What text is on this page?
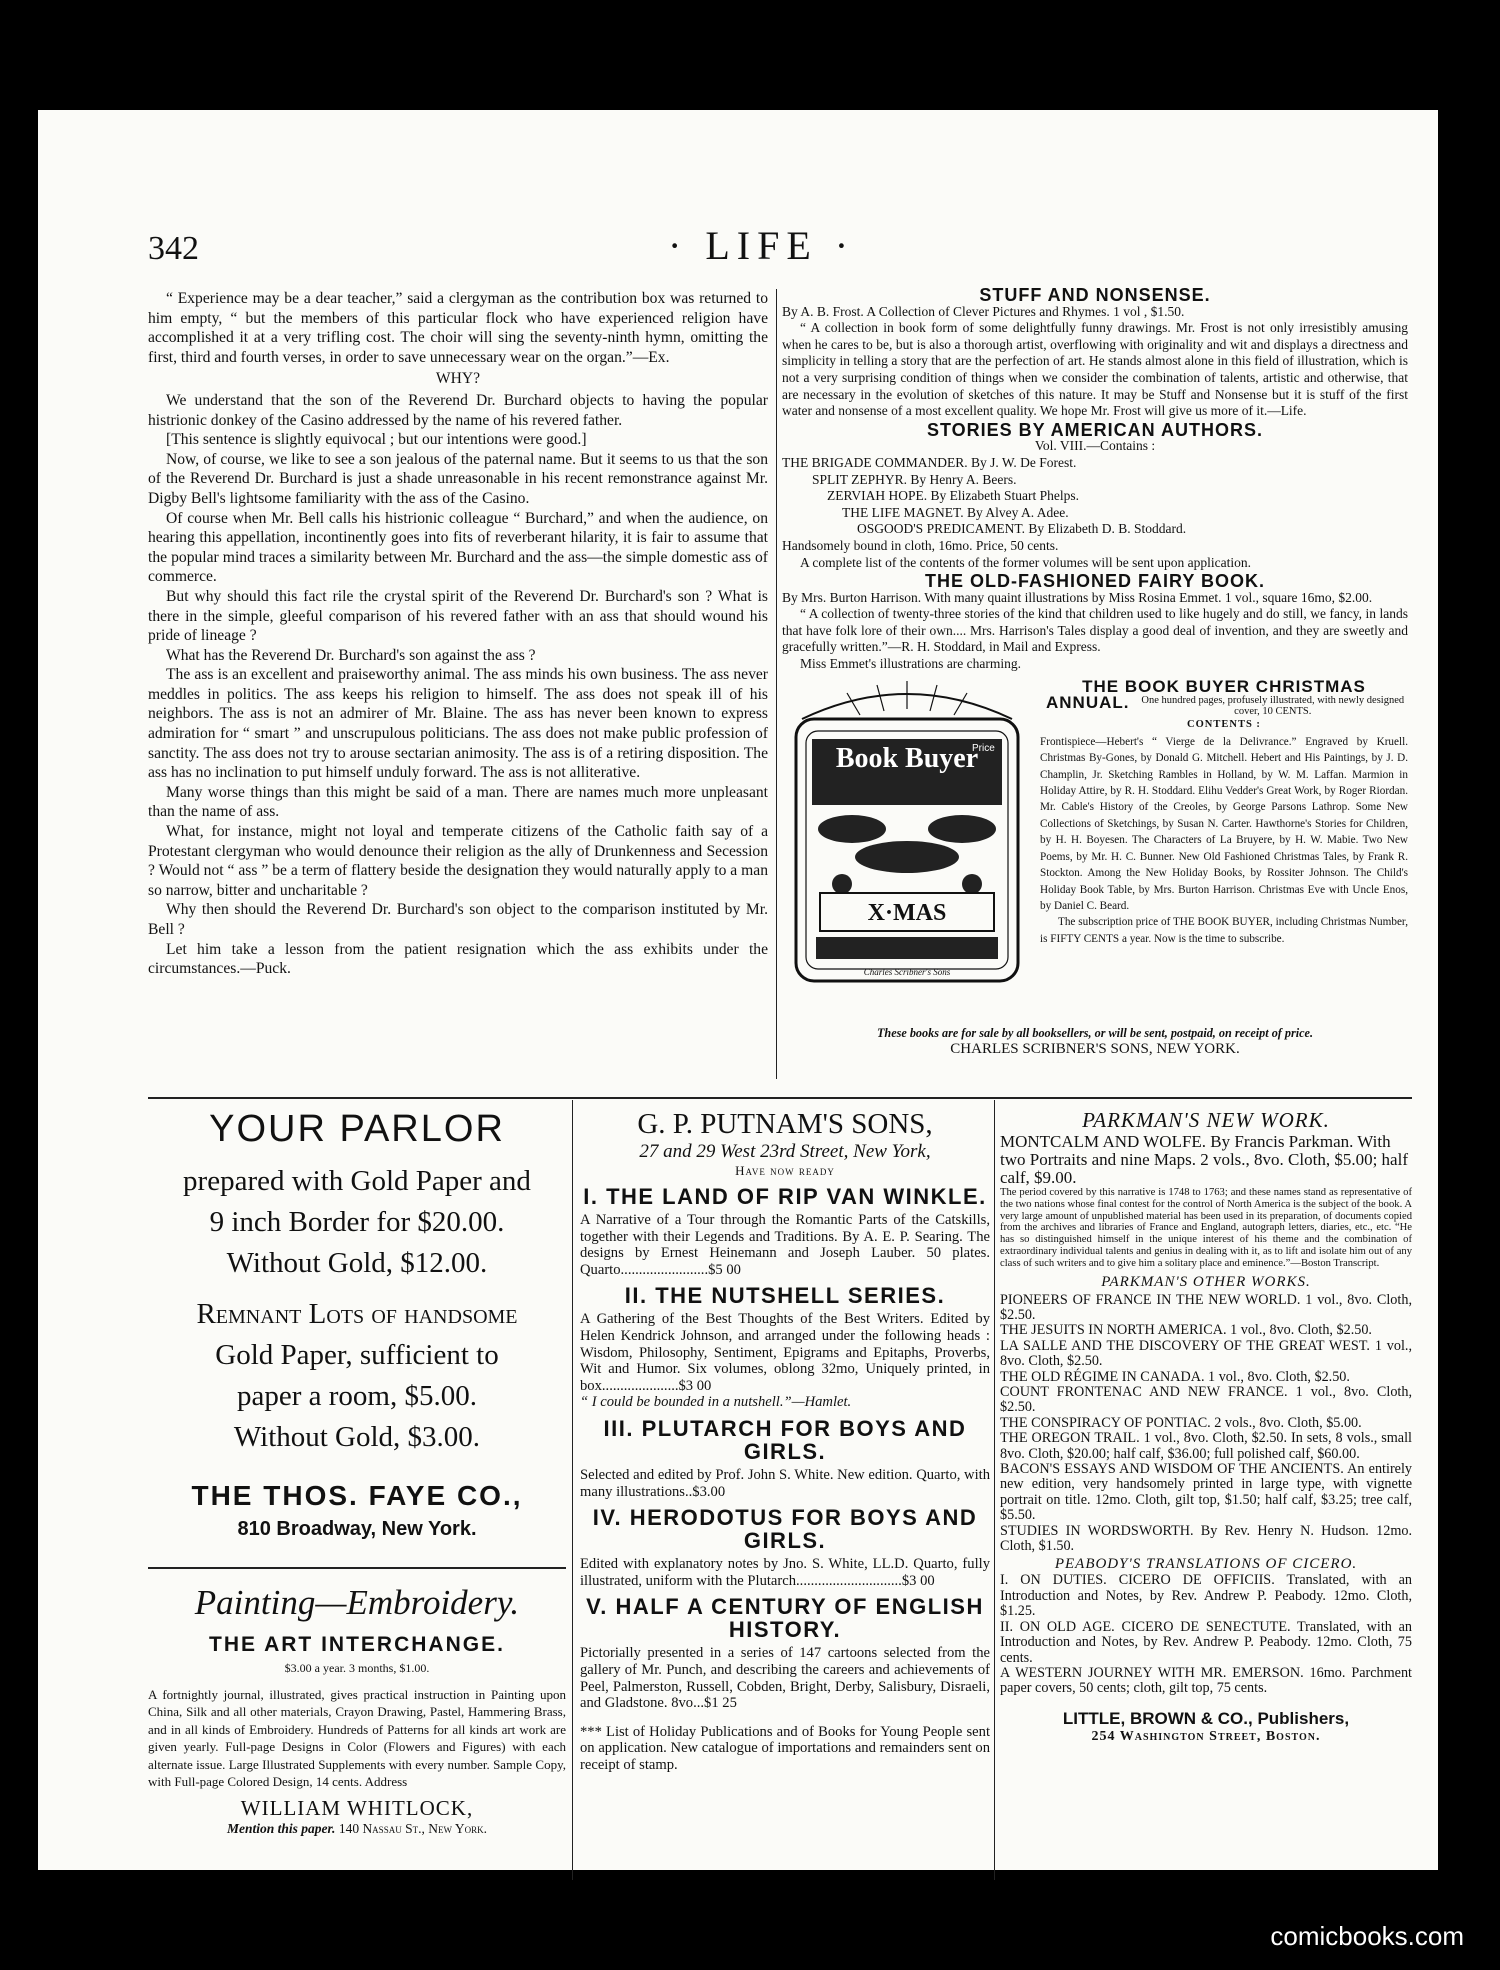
342	· LIFE ·

“ Experience may be a dear teacher,” said a clergyman as the contribution box was returned to him empty, “ but the members of this particular flock who have experienced religion have accomplished it at a very trifling cost. The choir will sing the seventy-ninth hymn, omitting the first, third and fourth verses, in order to save unnecessary wear on the organ.”—Ex.

WHY?

We understand that the son of the Reverend Dr. Burchard objects to having the popular histrionic donkey of the Casino addressed by the name of his revered father.

[This sentence is slightly equivocal ; but our intentions were good.]

Now, of course, we like to see a son jealous of the paternal name. But it seems to us that the son of the Reverend Dr. Burchard is just a shade unreasonable in his recent remonstrance against Mr. Digby Bell's lightsome familiarity with the ass of the Casino.

Of course when Mr. Bell calls his histrionic colleague “ Burchard,” and when the audience, on hearing this appellation, incontinently goes into fits of reverberant hilarity, it is fair to assume that the popular mind traces a similarity between Mr. Burchard and the ass—the simple domestic ass of commerce.

But why should this fact rile the crystal spirit of the Reverend Dr. Burchard's son ? What is there in the simple, gleeful comparison of his revered father with an ass that should wound his pride of lineage ?

What has the Reverend Dr. Burchard's son against the ass ?

The ass is an excellent and praiseworthy animal. The ass minds his own business. The ass never meddles in politics. The ass keeps his religion to himself. The ass does not speak ill of his neighbors. The ass is not an admirer of Mr. Blaine. The ass has never been known to express admiration for “ smart ” and unscrupulous politicians. The ass does not make public profession of sanctity. The ass does not try to arouse sectarian animosity. The ass is of a retiring disposition. The ass has no inclination to put himself unduly forward. The ass is not alliterative.

Many worse things than this might be said of a man. There are names much more unpleasant than the name of ass.

What, for instance, might not loyal and temperate citizens of the Catholic faith say of a Protestant clergyman who would denounce their religion as the ally of Drunkenness and Secession ? Would not “ ass ” be a term of flattery beside the designation they would naturally apply to a man so narrow, bitter and uncharitable ?

Why then should the Reverend Dr. Burchard's son object to the comparison instituted by Mr. Bell ?

Let him take a lesson from the patient resignation which the ass exhibits under the circumstances.—Puck.

STUFF AND NONSENSE.

By A. B. Frost. A Collection of Clever Pictures and Rhymes. 1 vol , $1.50.

“ A collection in book form of some delightfully funny drawings. Mr. Frost is not only irresistibly amusing when he cares to be, but is also a thorough artist, overflowing with originality and wit and displays a directness and simplicity in telling a story that are the perfection of art. He stands almost alone in this field of illustration, which is not a very surprising condition of things when we consider the combination of talents, artistic and otherwise, that are necessary in the evolution of sketches of this nature. It may be Stuff and Nonsense but it is stuff of the first water and nonsense of a most excellent quality. We hope Mr. Frost will give us more of it.—Life.

STORIES BY AMERICAN AUTHORS.

Vol. VIII.—Contains :

THE BRIGADE COMMANDER. By J. W. De Forest.

SPLIT ZEPHYR. By Henry A. Beers.

ZERVIAH HOPE. By Elizabeth Stuart Phelps.

THE LIFE MAGNET. By Alvey A. Adee.

OSGOOD'S PREDICAMENT. By Elizabeth D. B. Stoddard.

Handsomely bound in cloth, 16mo. Price, 50 cents.

A complete list of the contents of the former volumes will be sent upon application.

THE OLD-FASHIONED FAIRY BOOK.

By Mrs. Burton Harrison. With many quaint illustrations by Miss Rosina Emmet. 1 vol., square 16mo, $2.00.

“ A collection of twenty-three stories of the kind that children used to like hugely and do still, we fancy, in lands that have folk lore of their own.... Mrs. Harrison's Tales display a good deal of invention, and they are sweetly and gracefully written.”—R. H. Stoddard, in Mail and Express.

Miss Emmet's illustrations are charming.

Book Buyer
Price
X·MAS
Charles Scribner's Sons
THE BOOK BUYER CHRISTMAS
ANNUAL.	One hundred pages, profusely illustrated, with newly designed cover, 10 CENTS.
CONTENTS :

Frontispiece—Hebert's “ Vierge de la Delivrance.” Engraved by Kruell. Christmas By-Gones, by Donald G. Mitchell. Hebert and His Paintings, by J. D. Champlin, Jr. Sketching Rambles in Holland, by W. M. Laffan. Marmion in Holiday Attire, by R. H. Stoddard. Elihu Vedder's Great Work, by Roger Riordan. Mr. Cable's History of the Creoles, by George Parsons Lathrop. Some New Collections of Sketchings, by Susan N. Carter. Hawthorne's Stories for Children, by H. H. Boyesen. The Characters of La Bruyere, by H. W. Mabie. Two New Poems, by Mr. H. C. Bunner. New Old Fashioned Christmas Tales, by Frank R. Stockton. Among the New Holiday Books, by Rossiter Johnson. The Child's Holiday Book Table, by Mrs. Burton Harrison. Christmas Eve with Uncle Enos, by Daniel C. Beard.

The subscription price of THE BOOK BUYER, including Christmas Number, is FIFTY CENTS a year. Now is the time to subscribe.

These books are for sale by all booksellers, or will be sent, postpaid, on receipt of price.
CHARLES SCRIBNER'S SONS, NEW YORK.
YOUR PARLOR
prepared with Gold Paper and
9 inch Border for $20.00.
Without Gold, $12.00.
Remnant Lots of handsome
Gold Paper, sufficient to
paper a room, $5.00.
Without Gold, $3.00.
THE THOS. FAYE CO.,
810 Broadway, New York.
Painting—Embroidery.
THE ART INTERCHANGE.
$3.00 a year. 3 months, $1.00.
A fortnightly journal, illustrated, gives practical instruction in Painting upon China, Silk and all other materials, Crayon Drawing, Pastel, Hammering Brass, and in all kinds of Embroidery. Hundreds of Patterns for all kinds art work are given yearly. Full-page Designs in Color (Flowers and Figures) with each alternate issue. Large Illustrated Supplements with every number. Sample Copy, with Full-page Colored Design, 14 cents. Address
WILLIAM WHITLOCK,
Mention this paper. 140 Nassau St., New York.
G. P. PUTNAM'S SONS,
27 and 29 West 23rd Street, New York,
Have now ready
I. THE LAND OF RIP VAN WINKLE.
A Narrative of a Tour through the Romantic Parts of the Catskills, together with their Legends and Traditions. By A. E. P. Searing. The designs by Ernest Heinemann and Joseph Lauber. 50 plates. Quarto........................$5 00
II. THE NUTSHELL SERIES.
A Gathering of the Best Thoughts of the Best Writers. Edited by Helen Kendrick Johnson, and arranged under the following heads : Wisdom, Philosophy, Sentiment, Epigrams and Epitaphs, Proverbs, Wit and Humor. Six volumes, oblong 32mo, Uniquely printed, in box.....................$3 00
“ I could be bounded in a nutshell.”—Hamlet.
III. PLUTARCH FOR BOYS AND GIRLS.
Selected and edited by Prof. John S. White. New edition. Quarto, with many illustrations..$3.00
IV. HERODOTUS FOR BOYS AND GIRLS.
Edited with explanatory notes by Jno. S. White, LL.D. Quarto, fully illustrated, uniform with the Plutarch.............................$3 00
V. HALF A CENTURY OF ENGLISH HISTORY.
Pictorially presented in a series of 147 cartoons selected from the gallery of Mr. Punch, and describing the careers and achievements of Peel, Palmerston, Russell, Cobden, Bright, Derby, Salisbury, Disraeli, and Gladstone. 8vo...$1 25
*** List of Holiday Publications and of Books for Young People sent on application. New catalogue of importations and remainders sent on receipt of stamp.
PARKMAN'S NEW WORK.
MONTCALM AND WOLFE. By Francis Parkman. With two Portraits and nine Maps. 2 vols., 8vo. Cloth, $5.00; half calf, $9.00.
The period covered by this narrative is 1748 to 1763; and these names stand as representative of the two nations whose final contest for the control of North America is the subject of the book. A very large amount of unpublished material has been used in its preparation, of documents copied from the archives and libraries of France and England, autograph letters, diaries, etc., etc. “He has so distinguished himself in the unique interest of his theme and the combination of extraordinary individual talents and genius in dealing with it, as to lift and isolate him out of any class of such writers and to give him a solitary place and eminence.”—Boston Transcript.
PARKMAN'S OTHER WORKS.
PIONEERS OF FRANCE IN THE NEW WORLD. 1 vol., 8vo. Cloth, $2.50.
THE JESUITS IN NORTH AMERICA. 1 vol., 8vo. Cloth, $2.50.
LA SALLE AND THE DISCOVERY OF THE GREAT WEST. 1 vol., 8vo. Cloth, $2.50.
THE OLD RÉGIME IN CANADA. 1 vol., 8vo. Cloth, $2.50.
COUNT FRONTENAC AND NEW FRANCE. 1 vol., 8vo. Cloth, $2.50.
THE CONSPIRACY OF PONTIAC. 2 vols., 8vo. Cloth, $5.00.
THE OREGON TRAIL. 1 vol., 8vo. Cloth, $2.50. In sets, 8 vols., small 8vo. Cloth, $20.00; half calf, $36.00; full polished calf, $60.00.
BACON'S ESSAYS AND WISDOM OF THE ANCIENTS. An entirely new edition, very handsomely printed in large type, with vignette portrait on title. 12mo. Cloth, gilt top, $1.50; half calf, $3.25; tree calf, $5.50.
STUDIES IN WORDSWORTH. By Rev. Henry N. Hudson. 12mo. Cloth, $1.50.
PEABODY'S TRANSLATIONS OF CICERO.
I. ON DUTIES. CICERO DE OFFICIIS. Translated, with an Introduction and Notes, by Rev. Andrew P. Peabody. 12mo. Cloth, $1.25.
II. ON OLD AGE. CICERO DE SENECTUTE. Translated, with an Introduction and Notes, by Rev. Andrew P. Peabody. 12mo. Cloth, 75 cents.
A WESTERN JOURNEY WITH MR. EMERSON. 16mo. Parchment paper covers, 50 cents; cloth, gilt top, 75 cents.
LITTLE, BROWN & CO., Publishers,
254 Washington Street, Boston.
comicbooks.com
